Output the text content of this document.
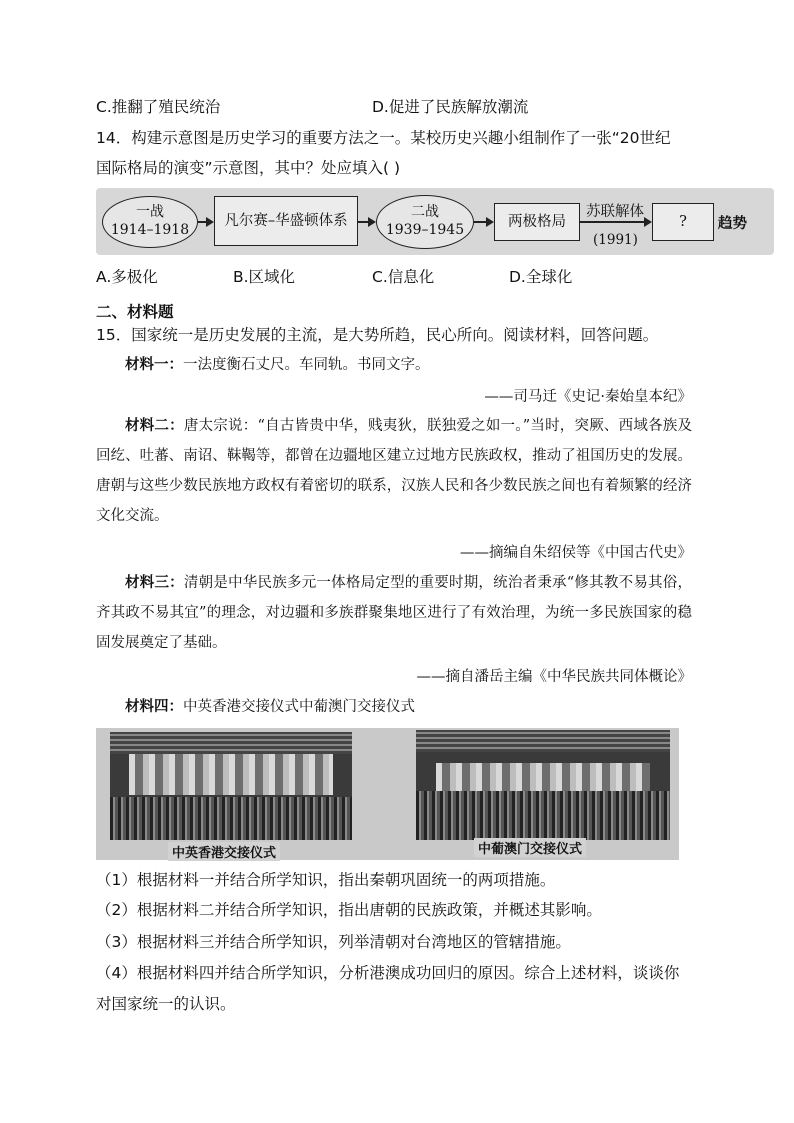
C.推翻了殖民统治	D.促进了民族解放潮流
14．构建示意图是历史学习的重要方法之一。某校历史兴趣小组制作了一张“20世纪
国际格局的演变”示意图，其中？处应填入( )
一战
1914–1918
凡尔赛–华盛顿体系
二战
1939–1945	两极格局
苏联解体
(1991)
?	趋势
A.多极化	B.区域化	C.信息化	D.全球化
二、材料题
15．国家统一是历史发展的主流，是大势所趋，民心所向。阅读材料，回答问题。
材料一：一法度衡石丈尺。车同轨。书同文字。
——司马迁《史记·秦始皇本纪》
材料二：唐太宗说：“自古皆贵中华，贱夷狄，朕独爱之如一。”当时，突厥、西域各族及回纥、吐蕃、南诏、靺鞨等，都曾在边疆地区建立过地方民族政权，推动了祖国历史的发展。唐朝与这些少数民族地方政权有着密切的联系，汉族人民和各少数民族之间也有着频繁的经济文化交流。
——摘编自朱绍侯等《中国古代史》
材料三：清朝是中华民族多元一体格局定型的重要时期，统治者秉承“修其教不易其俗，齐其政不易其宜”的理念，对边疆和多族群聚集地区进行了有效治理，为统一多民族国家的稳固发展奠定了基础。
——摘自潘岳主编《中华民族共同体概论》
材料四：中英香港交接仪式中葡澳门交接仪式
中英香港交接仪式	中葡澳门交接仪式
（1）根据材料一并结合所学知识，指出秦朝巩固统一的两项措施。
（2）根据材料二并结合所学知识，指出唐朝的民族政策，并概述其影响。
（3）根据材料三并结合所学知识，列举清朝对台湾地区的管辖措施。
（4）根据材料四并结合所学知识，分析港澳成功回归的原因。综合上述材料，谈谈你
对国家统一的认识。
